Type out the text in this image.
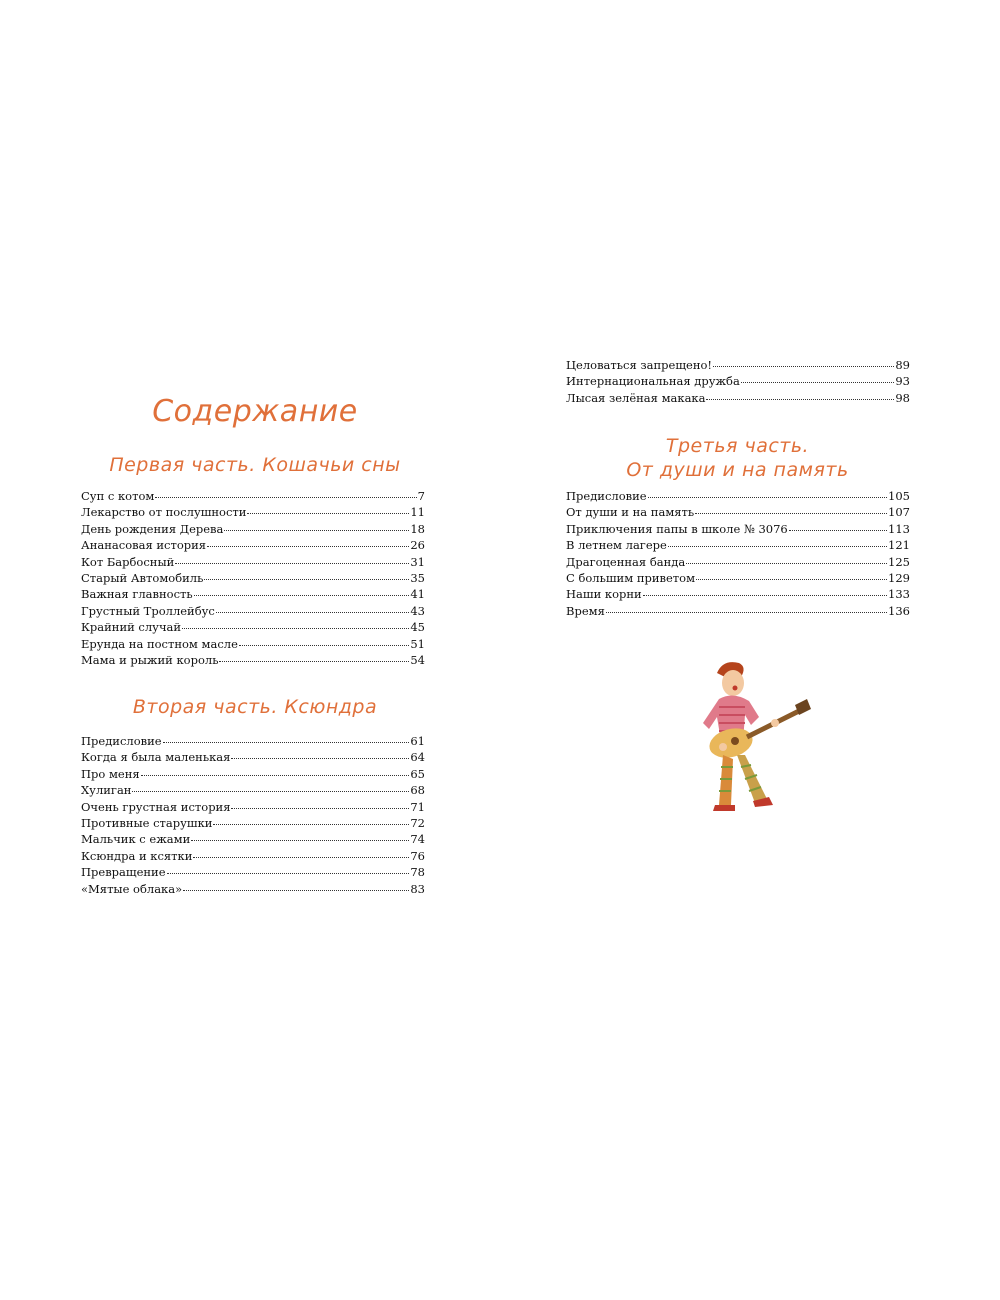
Содержание
Первая часть. Кошачьи сны
Суп с котом	7
Лекарство от послушности	11
День рождения Дерева	18
Ананасовая история	26
Кот Барбосный	31
Старый Автомобиль	35
Важная главность	41
Грустный Троллейбус	43
Крайний случай	45
Ерунда на постном масле	51
Мама и рыжий король	54
Вторая часть. Ксюндра
Предисловие	61
Когда я была маленькая	64
Про меня	65
Хулиган	68
Очень грустная история	71
Противные старушки	72
Мальчик с ежами	74
Ксюндра и ксятки	76
Превращение	78
«Мятые облака»	83
Целоваться запрещено!	89
Интернациональная дружба	93
Лысая зелёная макака	98
Третья часть.
От души и на память
Предисловие	105
От души и на память	107
Приключения папы в школе № 3076	113
В летнем лагере	121
Драгоценная банда	125
С большим приветом	129
Наши корни	133
Время	136
